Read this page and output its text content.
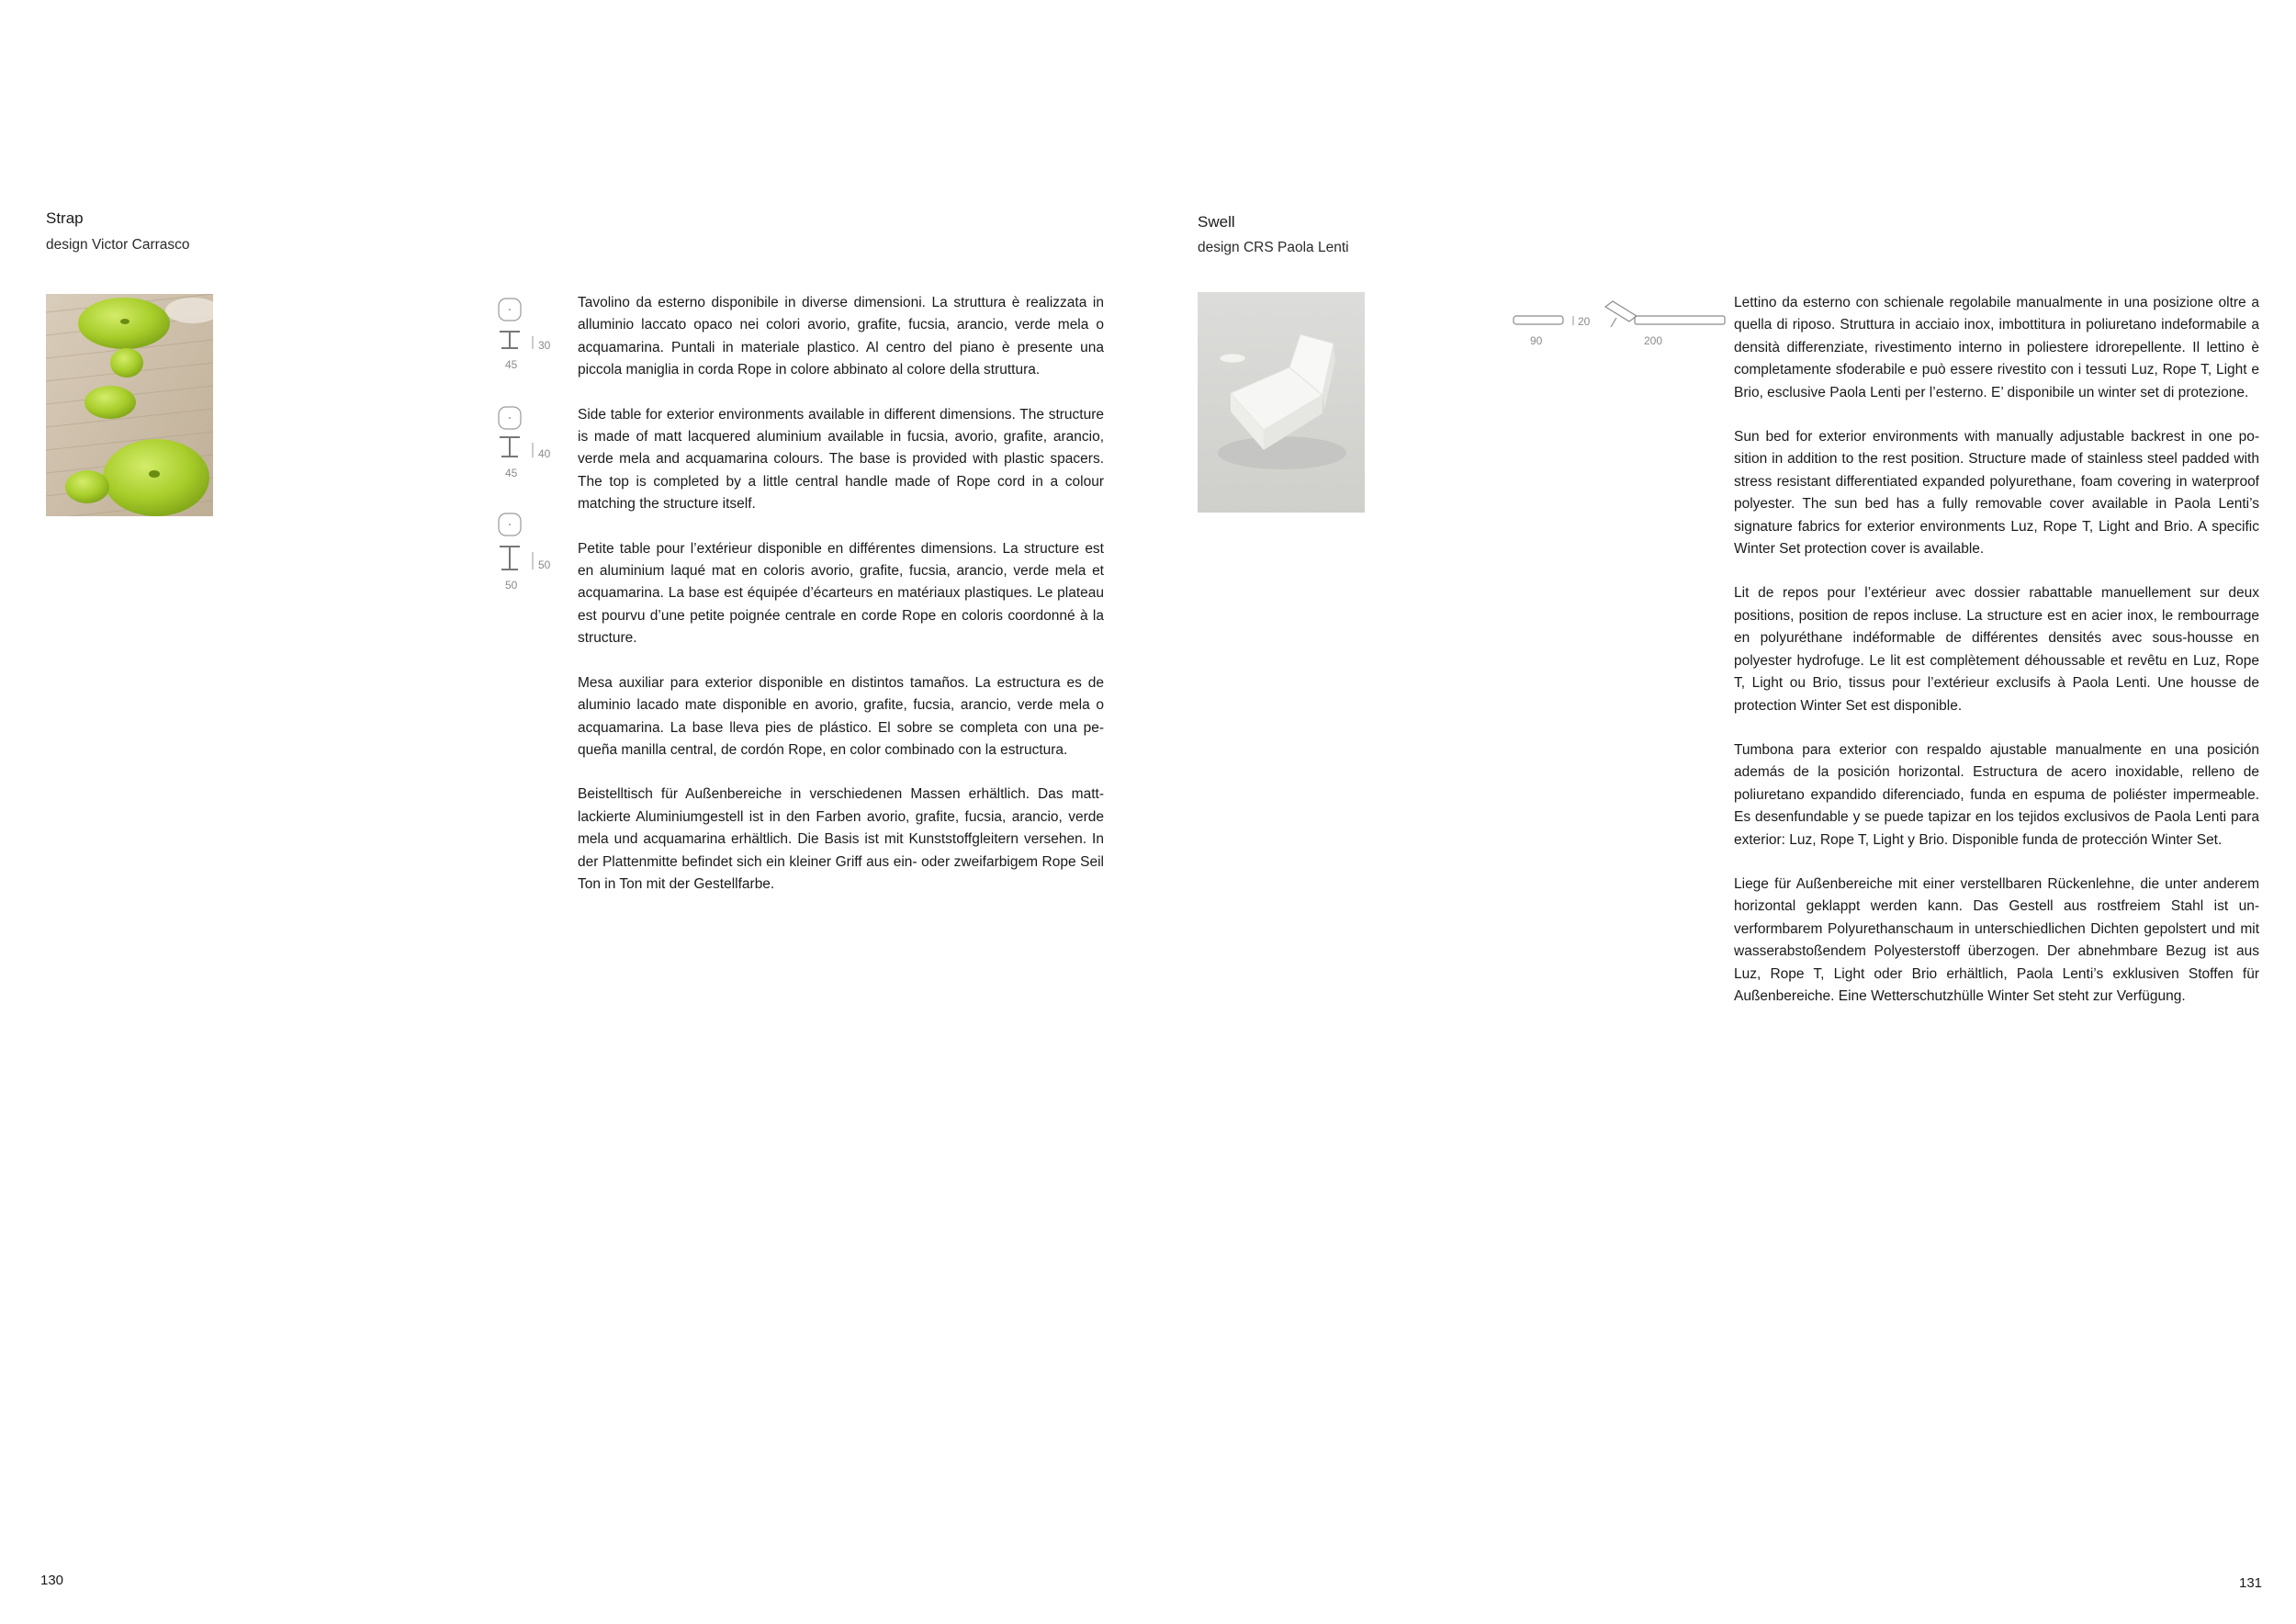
Strap
design Victor Carrasco
30
45
40
45
50
50

Tavolino da esterno disponibile in diverse dimensioni. La struttura è realizzata in alluminio laccato opaco nei colori avorio, grafite, fucsia, arancio, verde mela o acquamarina. Puntali in materiale plastico. Al centro del piano è presente una piccola maniglia in corda Rope in colore abbinato al colore della struttura.

Side table for exterior environments available in different dimensions. The structure is made of matt lacquered aluminium available in fucsia, avorio, grafite, arancio, verde mela and acquamarina colours. The base is provided with plastic spacers. The top is completed by a little central handle made of Rope cord in a colour matching the structure itself.

Petite table pour l’extérieur disponible en différentes dimensions. La structure est en aluminium laqué mat en coloris avorio, grafite, fucsia, arancio, verde mela et acquamarina. La base est équipée d’écarteurs en matériaux plastiques. Le plateau est pourvu d’une petite poignée centrale en corde Rope en coloris coordonné à la structure.

Mesa auxiliar para exterior disponible en distintos tamaños. La estructura es de aluminio lacado mate disponible en avorio, grafite, fucsia, arancio, verde mela o acquamarina. La base lleva pies de plástico. El sobre se completa con una pequeña manilla central, de cordón Rope, en color combinado con la estructura.

Beistelltisch für Außenbereiche in verschiedenen Massen erhältlich. Das mattlackierte Aluminiumgestell ist in den Farben avorio, grafite, fucsia, arancio, verde mela und acquamarina erhältlich. Die Basis ist mit Kunststoffgleitern versehen. In der Plattenmitte befindet sich ein kleiner Griff aus ein- oder zweifarbigem Rope Seil Ton in Ton mit der Gestellfarbe.

130
Swell
design CRS Paola Lenti
20
90	200

Lettino da esterno con schienale regolabile manualmente in una posizione oltre a quella di riposo. Struttura in acciaio inox, imbottitura in poliuretano indeformabile a densità differenziate, rivestimento interno in poliestere idrorepellente. Il lettino è completamente sfoderabile e può essere rivestito con i tessuti Luz, Rope T, Light e Brio, esclusive Paola Lenti per l’esterno. E’ disponibile un winter set di protezione.

Sun bed for exterior environments with manually adjustable backrest in one position in addition to the rest position. Structure made of stainless steel padded with stress resistant differentiated expanded polyurethane, foam covering in waterproof polyester. The sun bed has a fully removable cover available in Paola Lenti’s signature fabrics for exterior environments Luz, Rope T, Light and Brio. A specific Winter Set protection cover is available.

Lit de repos pour l’extérieur avec dossier rabattable manuellement sur deux positions, position de repos incluse. La structure est en acier inox, le rembourrage en polyuréthane indéformable de différentes densités avec sous-housse en polyester hydrofuge. Le lit est complètement déhoussable et revêtu en Luz, Rope T, Light ou Brio, tissus pour l’extérieur exclusifs à Paola Lenti. Une housse de protection Winter Set est disponible.

Tumbona para exterior con respaldo ajustable manualmente en una posición además de la posición horizontal. Estructura de acero inoxidable, relleno de poliuretano expandido diferenciado, funda en espuma de poliéster impermeable. Es desenfundable y se puede tapizar en los tejidos exclusivos de Paola Lenti para exterior: Luz, Rope T, Light y Brio. Disponible funda de protección Winter Set.

Liege für Außenbereiche mit einer verstellbaren Rückenlehne, die unter anderem horizontal geklappt werden kann. Das Gestell aus rostfreiem Stahl ist unverformbarem Polyurethanschaum in unterschiedlichen Dichten gepolstert und mit wasserabstoßendem Polyesterstoff überzogen. Der abnehmbare Bezug ist aus Luz, Rope T, Light oder Brio erhältlich, Paola Lenti’s exklusiven Stoffen für Außenbereiche. Eine Wetterschutzhülle Winter Set steht zur Verfügung.

131
